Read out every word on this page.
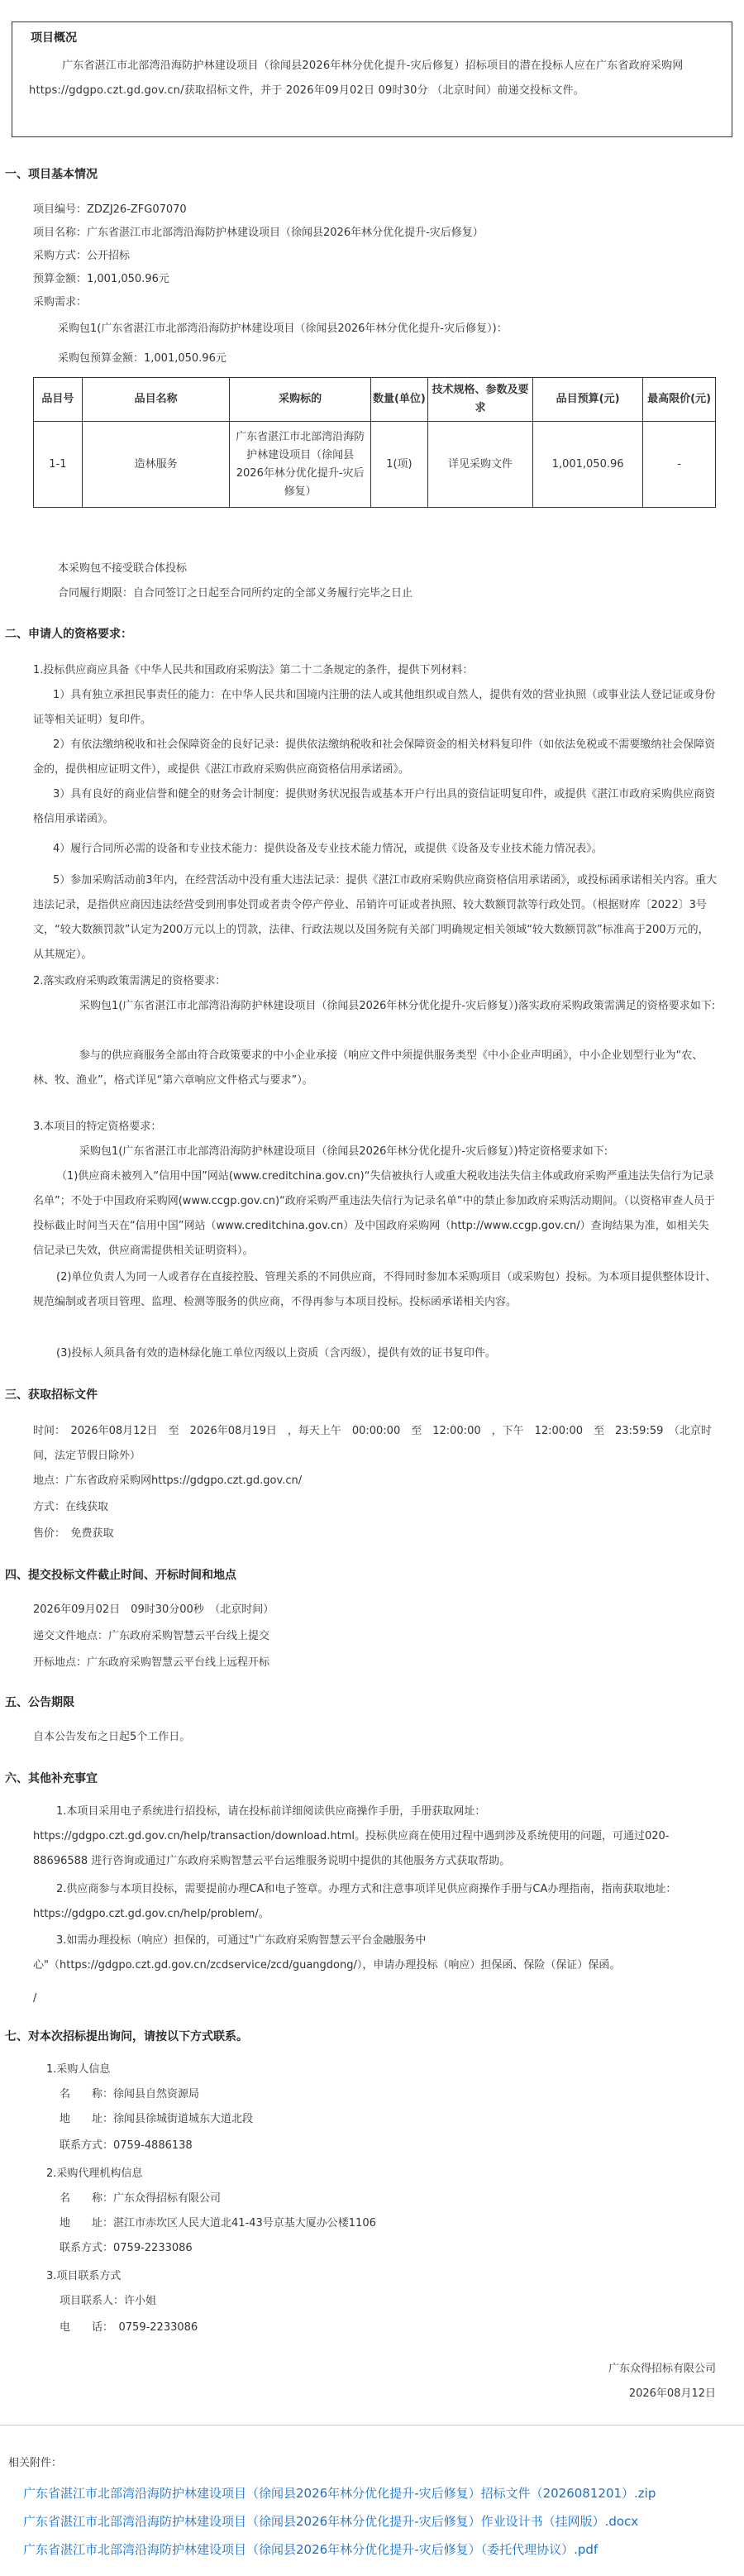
项目概况

广东省湛江市北部湾沿海防护林建设项目（徐闻县2026年林分优化提升-灾后修复）招标项目的潜在投标人应在广东省政府采购网https://gdgpo.czt.gd.gov.cn/获取招标文件，并于 2026年09月02日 09时30分 （北京时间）前递交投标文件。

一、项目基本情况
项目编号：ZDZJ26-ZFG07070
项目名称：广东省湛江市北部湾沿海防护林建设项目（徐闻县2026年林分优化提升-灾后修复）
采购方式：公开招标
预算金额：1,001,050.96元
采购需求：
采购包1(广东省湛江市北部湾沿海防护林建设项目（徐闻县2026年林分优化提升-灾后修复）)：
采购包预算金额：1,001,050.96元
品目号	品目名称	采购标的	数量(单位)	技术规格、参数及要求	品目预算(元)	最高限价(元)
1-1	造林服务	广东省湛江市北部湾沿海防护林建设项目（徐闻县2026年林分优化提升-灾后修复）	1(项)	详见采购文件	1,001,050.96	-
本采购包不接受联合体投标
合同履行期限：自合同签订之日起至合同所约定的全部义务履行完毕之日止
二、申请人的资格要求：
1.投标供应商应具备《中华人民共和国政府采购法》第二十二条规定的条件，提供下列材料：
1）具有独立承担民事责任的能力：在中华人民共和国境内注册的法人或其他组织或自然人，提供有效的营业执照（或事业法人登记证或身份证等相关证明）复印件。
2）有依法缴纳税收和社会保障资金的良好记录：提供依法缴纳税收和社会保障资金的相关材料复印件（如依法免税或不需要缴纳社会保障资金的，提供相应证明文件），或提供《湛江市政府采购供应商资格信用承诺函》。
3）具有良好的商业信誉和健全的财务会计制度：提供财务状况报告或基本开户行出具的资信证明复印件，或提供《湛江市政府采购供应商资格信用承诺函》。
4）履行合同所必需的设备和专业技术能力：提供设备及专业技术能力情况，或提供《设备及专业技术能力情况表》。
5）参加采购活动前3年内，在经营活动中没有重大违法记录：提供《湛江市政府采购供应商资格信用承诺函》，或投标函承诺相关内容。重大违法记录，是指供应商因违法经营受到刑事处罚或者责令停产停业、吊销许可证或者执照、较大数额罚款等行政处罚。（根据财库〔2022〕3号文，“较大数额罚款”认定为200万元以上的罚款，法律、行政法规以及国务院有关部门明确规定相关领域“较大数额罚款”标准高于200万元的，从其规定）。
2.落实政府采购政策需满足的资格要求：
采购包1(广东省湛江市北部湾沿海防护林建设项目（徐闻县2026年林分优化提升-灾后修复）)落实政府采购政策需满足的资格要求如下:
参与的供应商服务全部由符合政策要求的中小企业承接（响应文件中须提供服务类型《中小企业声明函》，中小企业划型行业为“农、林、牧、渔业”，格式详见“第六章响应文件格式与要求”）。
3.本项目的特定资格要求：
采购包1(广东省湛江市北部湾沿海防护林建设项目（徐闻县2026年林分优化提升-灾后修复）)特定资格要求如下:
（1)供应商未被列入“信用中国”网站(www.creditchina.gov.cn)“失信被执行人或重大税收违法失信主体或政府采购严重违法失信行为记录名单”；不处于中国政府采购网(www.ccgp.gov.cn)“政府采购严重违法失信行为记录名单”中的禁止参加政府采购活动期间。（以资格审查人员于投标截止时间当天在“信用中国”网站（www.creditchina.gov.cn）及中国政府采购网（http://www.ccgp.gov.cn/）查询结果为准，如相关失信记录已失效，供应商需提供相关证明资料）。
(2)单位负责人为同一人或者存在直接控股、管理关系的不同供应商，不得同时参加本采购项目（或采购包）投标。为本项目提供整体设计、规范编制或者项目管理、监理、检测等服务的供应商，不得再参与本项目投标。投标函承诺相关内容。
(3)投标人须具备有效的造林绿化施工单位丙级以上资质（含丙级），提供有效的证书复印件。
三、获取招标文件
时间：　2026年08月12日　至　2026年08月19日　，每天上午　00:00:00　至　12:00:00　，下午　12:00:00　至　23:59:59　（北京时间，法定节假日除外）
地点：广东省政府采购网https://gdgpo.czt.gd.gov.cn/
方式：在线获取
售价：　免费获取
四、提交投标文件截止时间、开标时间和地点
2026年09月02日　09时30分00秒　（北京时间）
递交文件地点：广东政府采购智慧云平台线上提交
开标地点：广东政府采购智慧云平台线上远程开标
五、公告期限
自本公告发布之日起5个工作日。
六、其他补充事宜
1.本项目采用电子系统进行招投标，请在投标前详细阅读供应商操作手册，手册获取网址：https://gdgpo.czt.gd.gov.cn/help/transaction/download.html。投标供应商在使用过程中遇到涉及系统使用的问题，可通过020-88696588 进行咨询或通过广东政府采购智慧云平台运维服务说明中提供的其他服务方式获取帮助。
2.供应商参与本项目投标，需要提前办理CA和电子签章。办理方式和注意事项详见供应商操作手册与CA办理指南，指南获取地址：https://gdgpo.czt.gd.gov.cn/help/problem/。
3.如需办理投标（响应）担保的，可通过"广东政府采购智慧云平台金融服务中心"（https://gdgpo.czt.gd.gov.cn/zcdservice/zcd/guangdong/），申请办理投标（响应）担保函、保险（保证）保函。
/
七、对本次招标提出询问，请按以下方式联系。
1.采购人信息
名　　称：徐闻县自然资源局
地　　址：徐闻县徐城街道城东大道北段
联系方式：0759-4886138
2.采购代理机构信息
名　　称：广东众得招标有限公司
地　　址：湛江市赤坎区人民大道北41-43号京基大厦办公楼1106
联系方式：0759-2233086
3.项目联系方式
项目联系人：许小姐
电　　话：　0759-2233086
广东众得招标有限公司
2026年08月12日
相关附件：
广东省湛江市北部湾沿海防护林建设项目（徐闻县2026年林分优化提升-灾后修复）招标文件（20260812​01）.zip
广东省湛江市北部湾沿海防护林建设项目（徐闻县2026年林分优化提升-灾后修复）作业设计书（挂网版）.docx
广东省湛江市北部湾沿海防护林建设项目（徐闻县2026年林分优化提升-灾后修复）（委托代理协议）.pdf
